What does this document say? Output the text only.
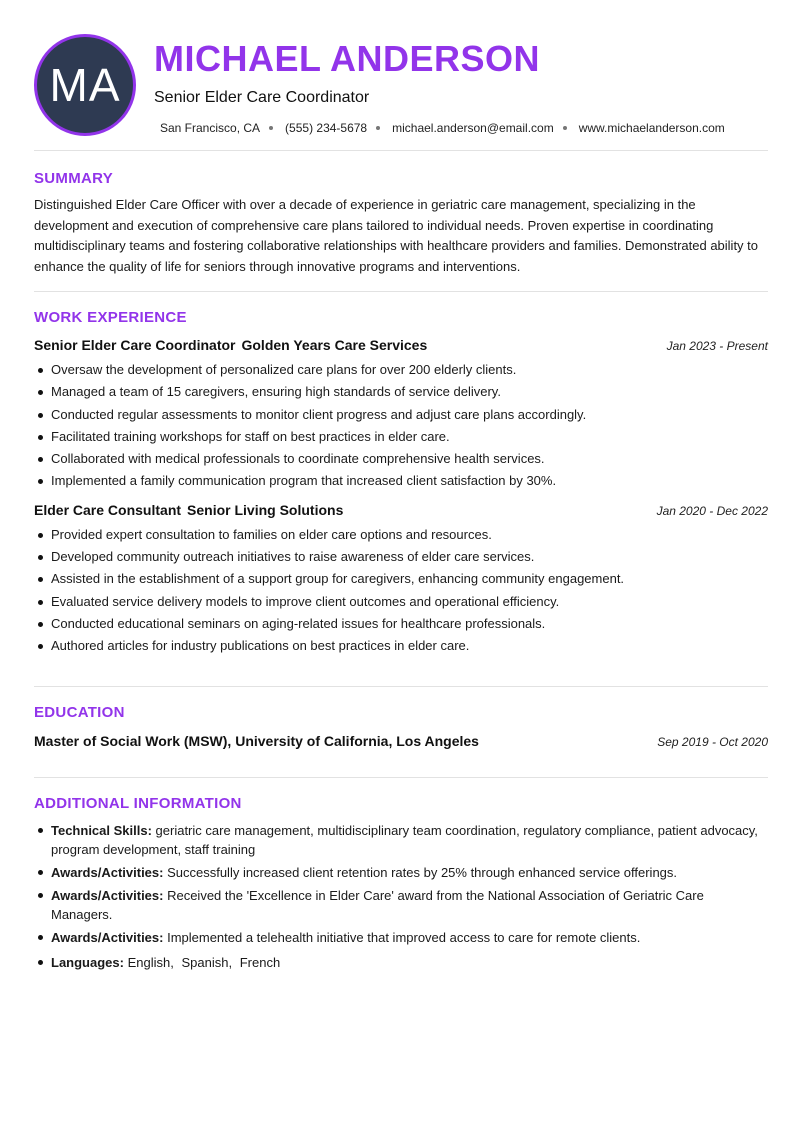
MA
MICHAEL ANDERSON
Senior Elder Care Coordinator
San Francisco, CA (555) 234-5678 michael.anderson@email.com www.michaelanderson.com
SUMMARY

Distinguished Elder Care Officer with over a decade of experience in geriatric care management, specializing in the development and execution of comprehensive care plans tailored to individual needs. Proven expertise in coordinating multidisciplinary teams and fostering collaborative relationships with healthcare providers and families. Demonstrated ability to enhance the quality of life for seniors through innovative programs and interventions.

WORK EXPERIENCE
Senior Elder Care Coordinator Golden Years Care Services	Jan 2023 - Present
Oversaw the development of personalized care plans for over 200 elderly clients.
Managed a team of 15 caregivers, ensuring high standards of service delivery.
Conducted regular assessments to monitor client progress and adjust care plans accordingly.
Facilitated training workshops for staff on best practices in elder care.
Collaborated with medical professionals to coordinate comprehensive health services.
Implemented a family communication program that increased client satisfaction by 30%.
Elder Care Consultant Senior Living Solutions	Jan 2020 - Dec 2022
Provided expert consultation to families on elder care options and resources.
Developed community outreach initiatives to raise awareness of elder care services.
Assisted in the establishment of a support group for caregivers, enhancing community engagement.
Evaluated service delivery models to improve client outcomes and operational efficiency.
Conducted educational seminars on aging-related issues for healthcare professionals.
Authored articles for industry publications on best practices in elder care.
EDUCATION
Master of Social Work (MSW), University of California, Los Angeles	Sep 2019 - Oct 2020
ADDITIONAL INFORMATION
Technical Skills: geriatric care management, multidisciplinary team coordination, regulatory compliance, patient advocacy, program development, staff training
Awards/Activities: Successfully increased client retention rates by 25% through enhanced service offerings.
Awards/Activities: Received the 'Excellence in Elder Care' award from the National Association of Geriatric Care Managers.
Awards/Activities: Implemented a telehealth initiative that improved access to care for remote clients.
Languages: English, Spanish, French
